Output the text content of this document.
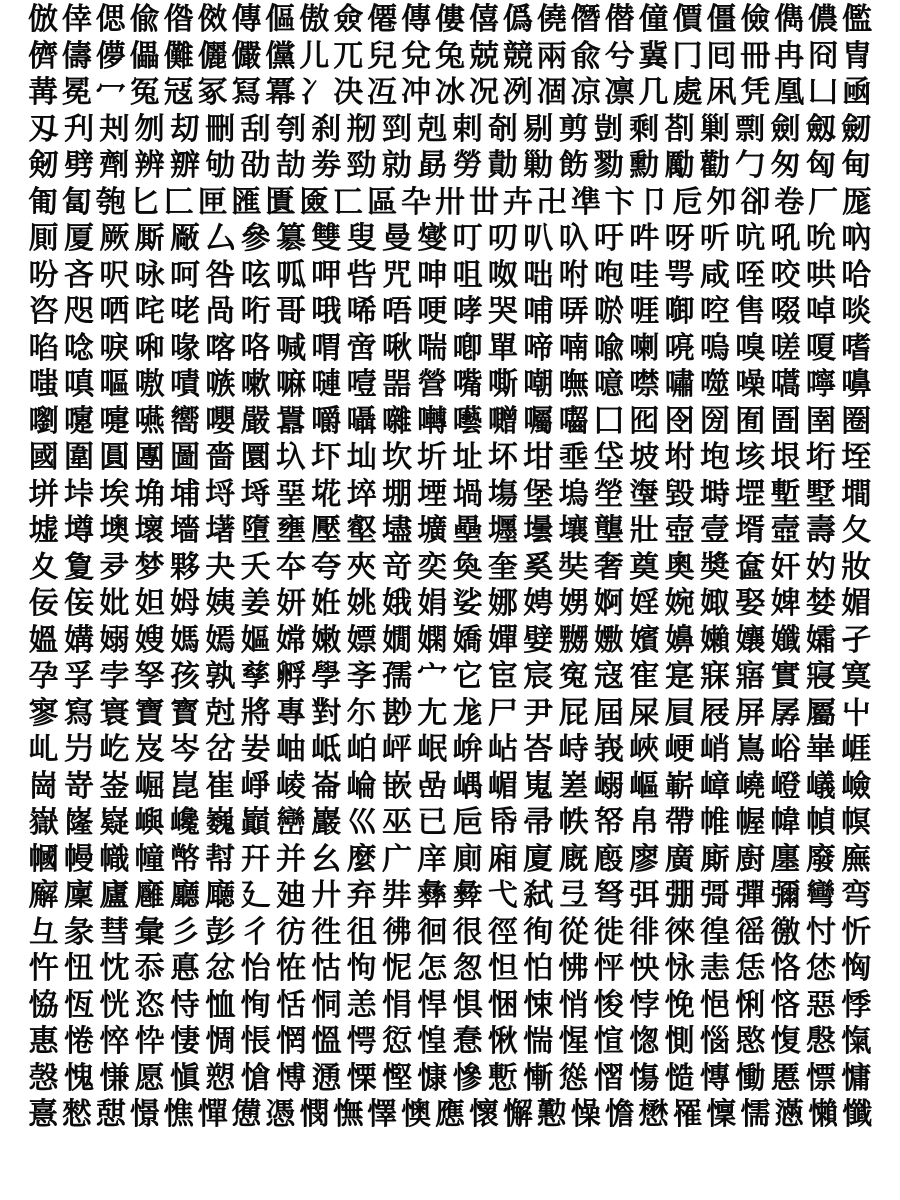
倣 倖 偲 偸 偺 傚 傳 傴 傲 僉 僊 傳 僂 僖 僞 僥 僭 僣 僮 價 僵 儉 儁 儂 儖
儕 儔 儚 儡 儺 儷 儼 儻 儿 兀 兒 兌 兔 兢 競 兩 兪 兮 冀 冂 囘 冊 冉 冏 冑
冓 冕 冖 冤 冦 冢 冩 冪 冫 决 冱 冲 冰 况 冽 凅 凉 凛 几 處 凩 凭 凰 凵 凾
刄 刋 刔 刎 刧 刪 刮 刳 刹 剏 剄 剋 剌 剞 剔 剪 剴 剩 剳 剿 剽 劍 劔 劒
剱 劈 劑 辨 辧 劬 劭 劼 劵 勁 勍 勗 勞 勣 勦 飭 勠 勳 勵 勸 勹 匆 匈 甸
匍 匐 匏 匕 匚 匣 匯 匱 匳 匸 區 卆 卅 丗 卉 卍 凖 卞 卩 卮 夘 卻 卷 厂 厖
厠 厦 厥 厮 厰 厶 參 簒 雙 叟 曼 燮 叮 叨 叭 叺 吁 吽 呀 听 吭 吼 吮 吶
吩 吝 呎 咏 呵 咎 呟 呱 呷 呰 咒 呻 咀 呶 咄 咐 咆 哇 咢 咸 咥 咬 哄 哈
咨 咫 哂 咤 咾 咼 哘 哥 哦 唏 唔 哽 哮 哭 哺 哢 唹 啀 啣 啌 售 啜 啅 啖
啗 唸 唳 啝 喙 喀 咯 喊 喟 啻 啾 喘 喞 單 啼 喃 喩 喇 喨 嗚 嗅 嗟 嗄 嗜
嗤 嗔 嘔 嗷 嘖 嗾 嗽 嘛 嗹 噎 噐 營 嘴 嘶 嘲 嘸 噫 噤 嘯 噬 噪 嚆 嚀 嚊
嚠 嚔 嚏 嚥 嚮 嚶 嚴 囂 嚼 囁 囃 囀 囈 囎 囑 囓 囗 囮 囹 圀 囿 圄 圉 圈
國 圍 圓 團 圖 嗇 圜 圦 圷 圸 坎 圻 址 坏 坩 埀 垈 坡 坿 垉 垓 垠 垳 垤
垪 垰 埃 埆 埔 埒 埓 堊 埖 埣 堋 堙 堝 塲 堡 塢 塋 塰 毀 塒 堽 塹 墅 墹
墟 墫 墺 壞 墻 墸 墮 壅 壓 壑 壗 壙 壘 壥 壜 壤 壟 壯 壺 壹 壻 壼 壽 夂
夊 夐 夛 梦 夥 夬 夭 夲 夸 夾 竒 奕 奐 奎 奚 奘 奢 奠 奧 奬 奩 奸 妁 妝
佞 侫 妣 妲 姆 姨 姜 妍 姙 姚 娥 娟 娑 娜 娉 娚 婀 婬 婉 娵 娶 婢 婪 媚
媼 媾 嫋 嫂 媽 嫣 嫗 嫦 嫩 嫖 嫺 嫻 嬌 嬋 嬖 嬲 嫐 嬪 嬶 嬾 孃 孅 孀 孑
孕 孚 孛 孥 孩 孰 孳 孵 學 斈 孺 宀 它 宦 宸 寃 寇 寉 寔 寐 寤 實 寢 寞
寥 寫 寰 寶 寳 尅 將 專 對 尓 尠 尢 尨 尸 尹 屁 屆 屎 屓 屐 屏 孱 屬 屮
乢 屶 屹 岌 岑 岔 妛 岫 岻 岶 岼 岷 峅 岾 峇 峙 峩 峽 峺 峭 嶌 峪 崋 崕
崗 嵜 崟 崛 崑 崔 崢 崚 崙 崘 嵌 嵒 嵎 嵋 嵬 嵳 嵶 嶇 嶄 嶂 嶢 嶝 嶬 嶮
嶽 嶐 嶷 嶼 巉 巍 巓 巒 巖 巛 巫 已 巵 帋 帚 帙 帑 帛 帶 帷 幄 幃 幀 幎
幗 幔 幟 幢 幤 幇 幵 并 幺 麼 广 庠 廁 廂 廈 廐 廏 廖 廣 廝 廚 廛 廢 廡
廨 廩 廬 廱 廳 廰 廴 廸 廾 弃 弉 彝 彜 弋 弑 弖 弩 弭 弸 彁 彈 彌 彎 弯
彑 彖 彗 彙 彡 彭 彳 彷 徃 徂 彿 徊 很 徑 徇 從 徙 徘 徠 徨 徭 徼 忖 忻
忤 忸 忱 忝 悳 忿 怡 恠 怙 怐 怩 怎 怱 怛 怕 怫 怦 怏 怺 恚 恁 恪 恷 恟
恊 恆 恍 恣 恃 恤 恂 恬 恫 恙 悁 悍 惧 悃 悚 悄 悛 悖 悗 悒 悧 悋 惡 悸
惠 惓 悴 忰 悽 惆 悵 惘 慍 愕 愆 惶 惷 愀 惴 惺 愃 愡 惻 惱 愍 愎 慇 愾
愨 愧 慊 愿 愼 愬 愴 愽 慂 慄 慳 慷 慘 慙 慚 慫 慴 慯 慥 慱 慟 慝 慓 慵
憙 憖 憇 憬 憔 憚 憊 憑 憫 憮 懌 懊 應 懷 懈 懃 懆 憺 懋 罹 懍 懦 懣 懶 懺
